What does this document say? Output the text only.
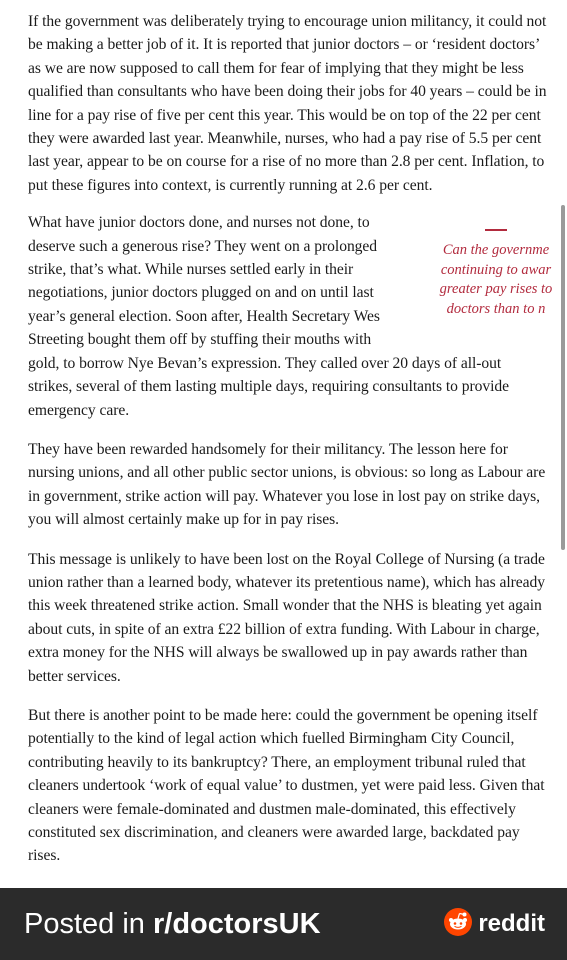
If the government was deliberately trying to encourage union militancy, it could not be making a better job of it. It is reported that junior doctors – or ‘resident doctors’ as we are now supposed to call them for fear of implying that they might be less qualified than consultants who have been doing their jobs for 40 years – could be in line for a pay rise of five per cent this year. This would be on top of the 22 per cent they were awarded last year. Meanwhile, nurses, who had a pay rise of 5.5 per cent last year, appear to be on course for a rise of no more than 2.8 per cent. Inflation, to put these figures into context, is currently running at 2.6 per cent.

Can the governme
continuing to awar
greater pay rises to
doctors than to n

What have junior doctors done, and nurses not done, to deserve such a generous rise? They went on a prolonged strike, that’s what. While nurses settled early in their negotiations, junior doctors plugged on and on until last year’s general election. Soon after, Health Secretary Wes Streeting bought them off by stuffing their mouths with gold, to borrow Nye Bevan’s expression. They called over 20 days of all-out strikes, several of them lasting multiple days, requiring consultants to provide emergency care.

They have been rewarded handsomely for their militancy. The lesson here for nursing unions, and all other public sector unions, is obvious: so long as Labour are in government, strike action will pay. Whatever you lose in lost pay on strike days, you will almost certainly make up for in pay rises.

This message is unlikely to have been lost on the Royal College of Nursing (a trade union rather than a learned body, whatever its pretentious name), which has already this week threatened strike action. Small wonder that the NHS is bleating yet again about cuts, in spite of an extra £22 billion of extra funding. With Labour in charge, extra money for the NHS will always be swallowed up in pay awards rather than better services.

But there is another point to be made here: could the government be opening itself potentially to the kind of legal action which fuelled Birmingham City Council, contributing heavily to its bankruptcy? There, an employment tribunal ruled that cleaners undertook ‘work of equal value’ to dustmen, yet were paid less. Given that cleaners were female-dominated and dustmen male-dominated, this effectively constituted sex discrimination, and cleaners were awarded large, backdated pay rises.

Posted in r/doctorsUK	reddit
